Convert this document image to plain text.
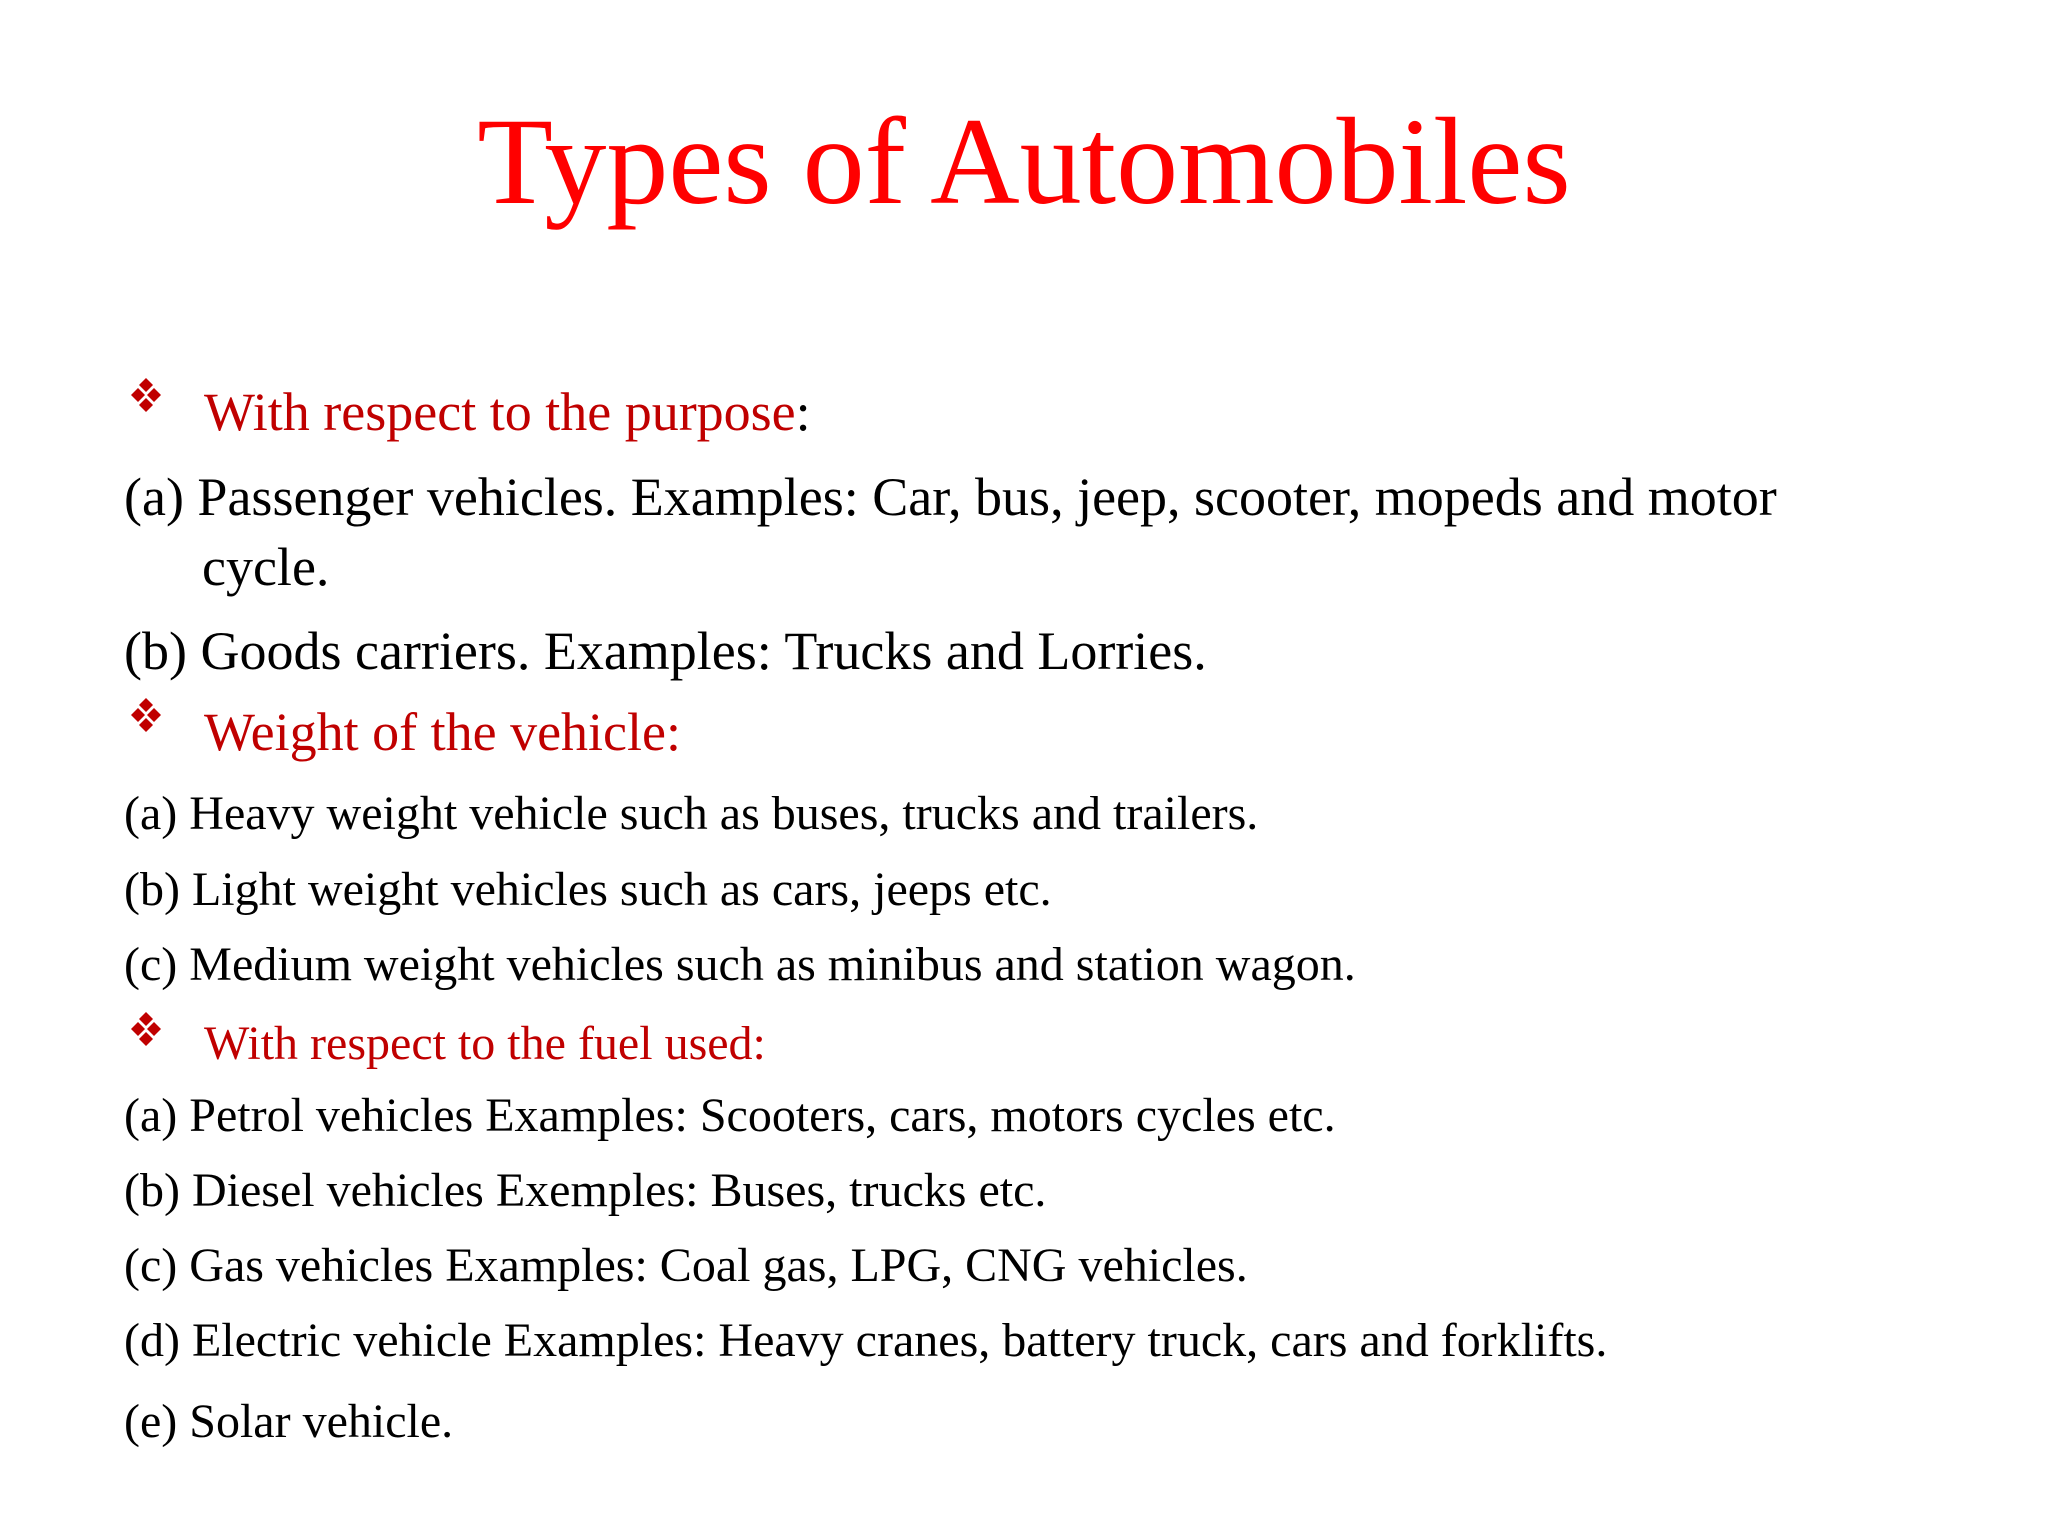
Types of Automobiles
With respect to the purpose:
(a) Passenger vehicles. Examples: Car, bus, jeep, scooter, mopeds and motor
cycle.
(b) Goods carriers. Examples: Trucks and Lorries.
Weight of the vehicle:
(a) Heavy weight vehicle such as buses, trucks and trailers.
(b) Light weight vehicles such as cars, jeeps etc.
(c) Medium weight vehicles such as minibus and station wagon.
With respect to the fuel used:
(a) Petrol vehicles Examples: Scooters, cars, motors cycles etc.
(b) Diesel vehicles Exemples: Buses, trucks etc.
(c) Gas vehicles Examples: Coal gas, LPG, CNG vehicles.
(d) Electric vehicle Examples: Heavy cranes, battery truck, cars and forklifts.
(e) Solar vehicle.
